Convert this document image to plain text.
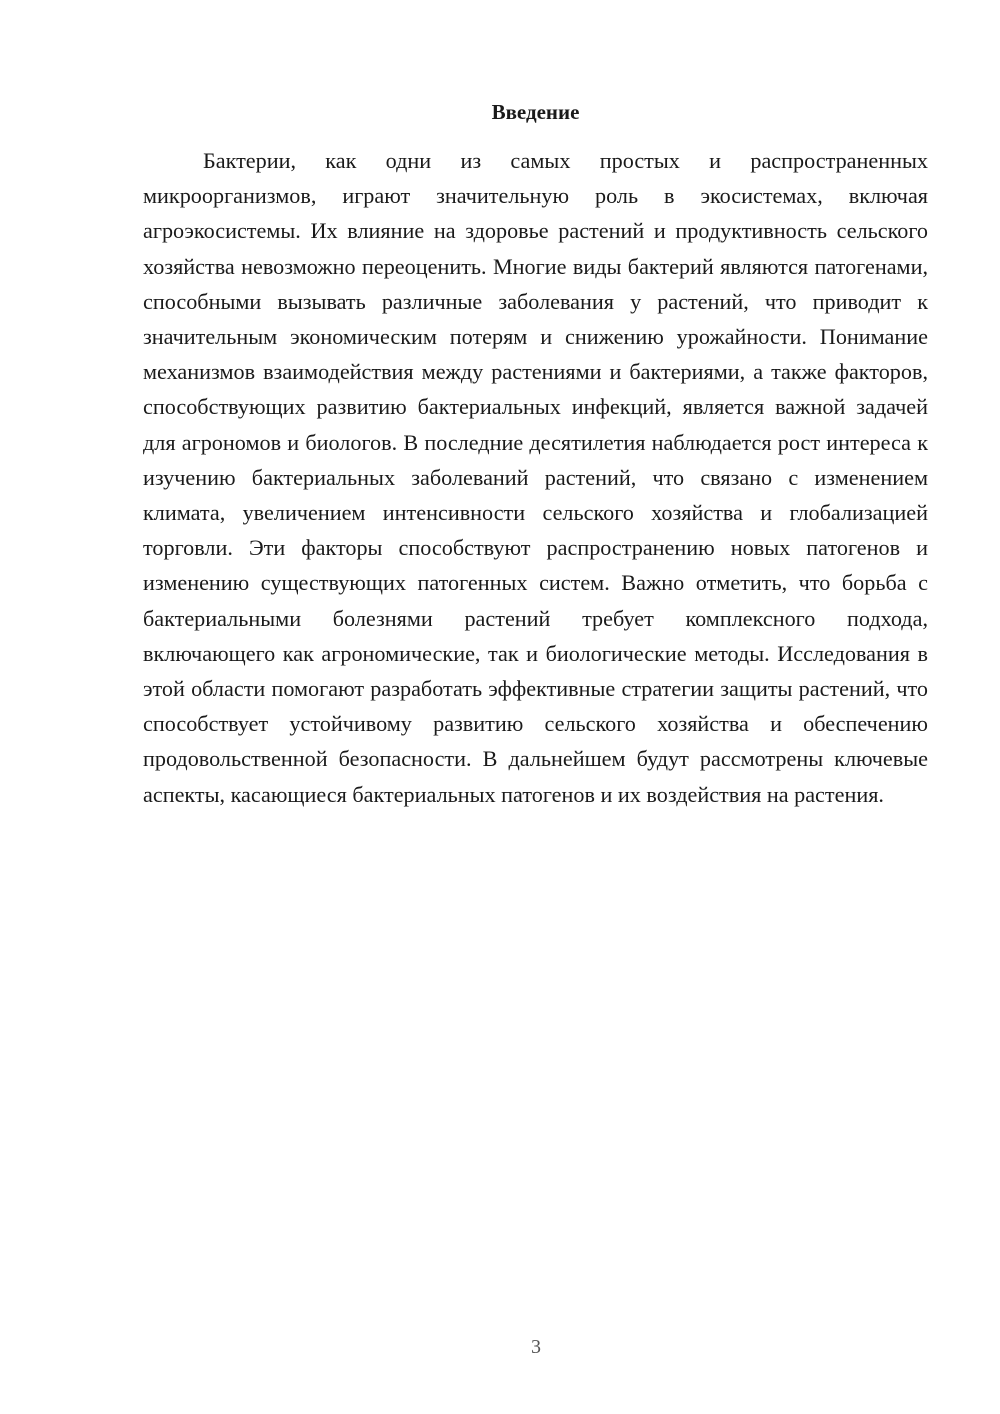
Введение

Бактерии, как одни из самых простых и распространенных микроорганизмов, играют значительную роль в экосистемах, включая агроэкосистемы. Их влияние на здоровье растений и продуктивность сельского хозяйства невозможно переоценить. Многие виды бактерий являются патогенами, способными вызывать различные заболевания у растений, что приводит к значительным экономическим потерям и снижению урожайности. Понимание механизмов взаимодействия между растениями и бактериями, а также факторов, способствующих развитию бактериальных инфекций, является важной задачей для агрономов и биологов. В последние десятилетия наблюдается рост интереса к изучению бактериальных заболеваний растений, что связано с изменением климата, увеличением интенсивности сельского хозяйства и глобализацией торговли. Эти факторы способствуют распространению новых патогенов и изменению существующих патогенных систем. Важно отметить, что борьба с бактериальными болезнями растений требует комплексного подхода, включающего как агрономические, так и биологические методы. Исследования в этой области помогают разработать эффективные стратегии защиты растений, что способствует устойчивому развитию сельского хозяйства и обеспечению продовольственной безопасности. В дальнейшем будут рассмотрены ключевые аспекты, касающиеся бактериальных патогенов и их воздействия на растения.

3
